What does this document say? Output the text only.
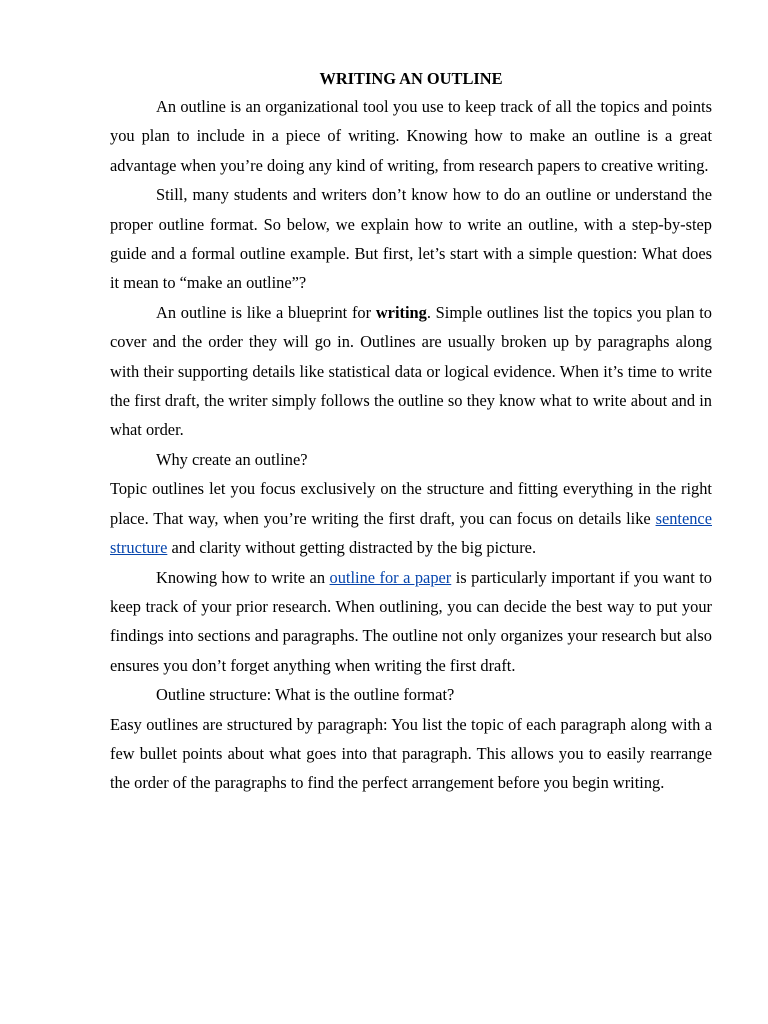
WRITING AN OUTLINE

An outline is an organizational tool you use to keep track of all the topics and points you plan to include in a piece of writing. Knowing how to make an outline is a great advantage when you’re doing any kind of writing, from research papers to creative writing.

Still, many students and writers don’t know how to do an outline or understand the proper outline format. So below, we explain how to write an outline, with a step-by-step guide and a formal outline example. But first, let’s start with a simple question: What does it mean to “make an outline”?

An outline is like a blueprint for writing. Simple outlines list the topics you plan to cover and the order they will go in. Outlines are usually broken up by paragraphs along with their supporting details like statistical data or logical evidence. When it’s time to write the first draft, the writer simply follows the outline so they know what to write about and in what order.

Why create an outline?

Topic outlines let you focus exclusively on the structure and fitting everything in the right place. That way, when you’re writing the first draft, you can focus on details like sentence structure and clarity without getting distracted by the big picture.

Knowing how to write an outline for a paper is particularly important if you want to keep track of your prior research. When outlining, you can decide the best way to put your findings into sections and paragraphs. The outline not only organizes your research but also ensures you don’t forget anything when writing the first draft.

Outline structure: What is the outline format?

Easy outlines are structured by paragraph: You list the topic of each paragraph along with a few bullet points about what goes into that paragraph. This allows you to easily rearrange the order of the paragraphs to find the perfect arrangement before you begin writing.
